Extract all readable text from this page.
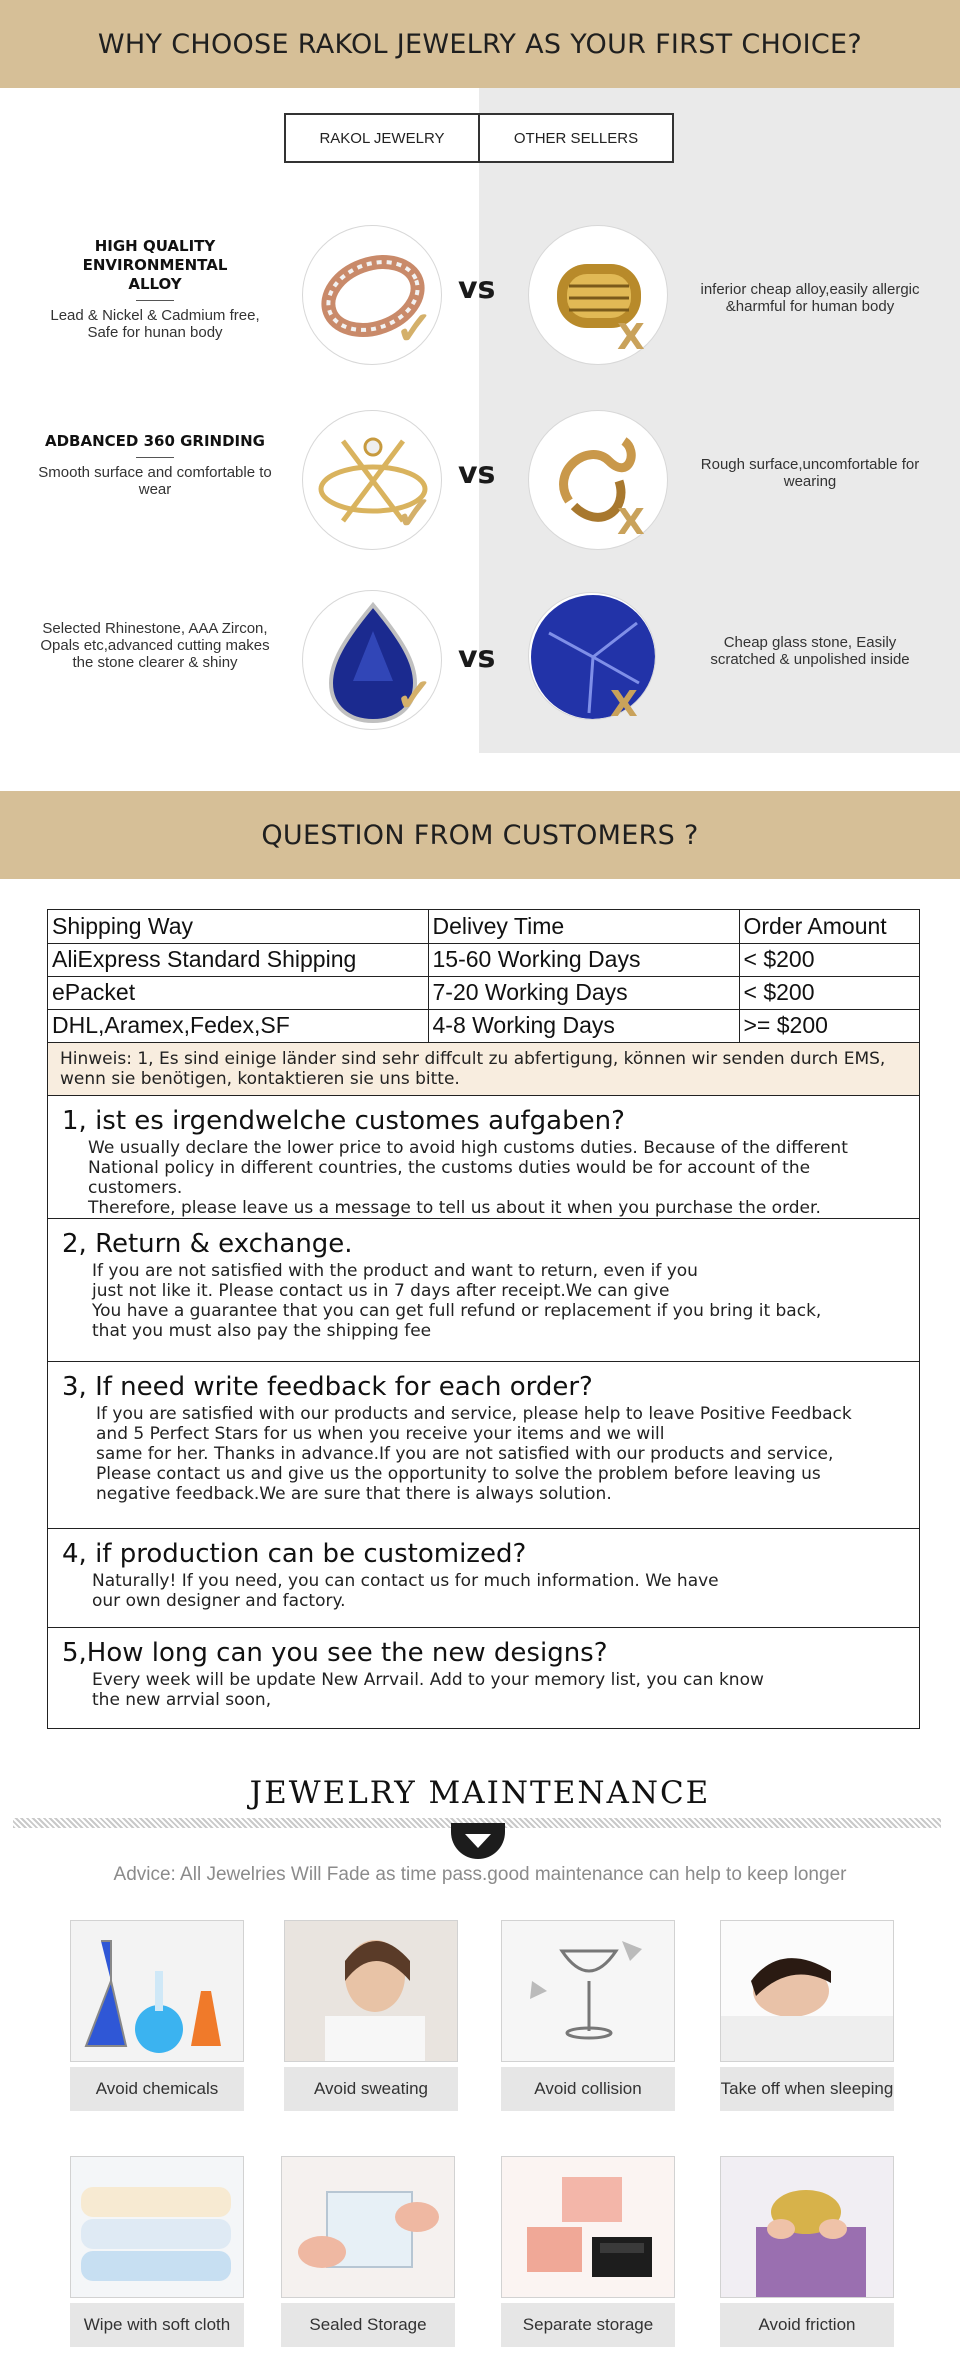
WHY CHOOSE RAKOL JEWELRY AS YOUR FIRST CHOICE?
RAKOL JEWELRY	OTHER SELLERS
HIGH QUALITY ENVIRONMENTAL ALLOY
Lead & Nickel & Cadmium free, Safe for hunan body	✓
vs
X
inferior cheap alloy,easily allergic &harmful for human body
ADBANCED 360 GRINDING
Smooth surface and comfortable to wear	✓
vs
X
Rough surface,uncomfortable for wearing
Selected Rhinestone, AAA Zircon, Opals etc,advanced cutting makes the stone clearer & shiny
✓
vs
X
Cheap glass stone, Easily scratched & unpolished inside
QUESTION FROM CUSTOMERS ?
Shipping Way	Delivey Time	Order Amount
AliExpress Standard Shipping	15-60 Working Days	< $200
ePacket	7-20 Working Days	< $200
DHL,Aramex,Fedex,SF	4-8 Working Days	>= $200
Hinweis: 1, Es sind einige länder sind sehr diffcult zu abfertigung, können wir senden durch EMS, wenn sie benötigen, kontaktieren sie uns bitte.
1, ist es irgendwelche customes aufgaben?
We usually declare the lower price to avoid high customs duties. Because of the different
National policy in different countries, the customs duties would be for account of the customers.
Therefore, please leave us a message to tell us about it when you purchase the order.
2, Return & exchange.
If you are not satisfied with the product and want to return, even if you
just not like it. Please contact us in 7 days after receipt.We can give
You have a guarantee that you can get full refund or replacement if you bring it back,
that you must also pay the shipping fee
3, If need write feedback for each order?
If you are satisfied with our products and service, please help to leave Positive Feedback
and 5 Perfect Stars for us when you receive your items and we will
same for her. Thanks in advance.If you are not satisfied with our products and service,
Please contact us and give us the opportunity to solve the problem before leaving us
negative feedback.We are sure that there is always solution.
4, if production can be customized?
Naturally! If you need, you can contact us for much information. We have
our own designer and factory.
5,How long can you see the new designs?
Every week will be update New Arrvail. Add to your memory list, you can know
the new arrvial soon,
JEWELRY MAINTENANCE
Advice: All Jewelries Will Fade as time pass.good maintenance can help to keep longer
Avoid chemicals	Avoid sweating	Avoid collision	Take off when sleeping
Wipe with soft cloth	Sealed Storage	Separate storage	Avoid friction
